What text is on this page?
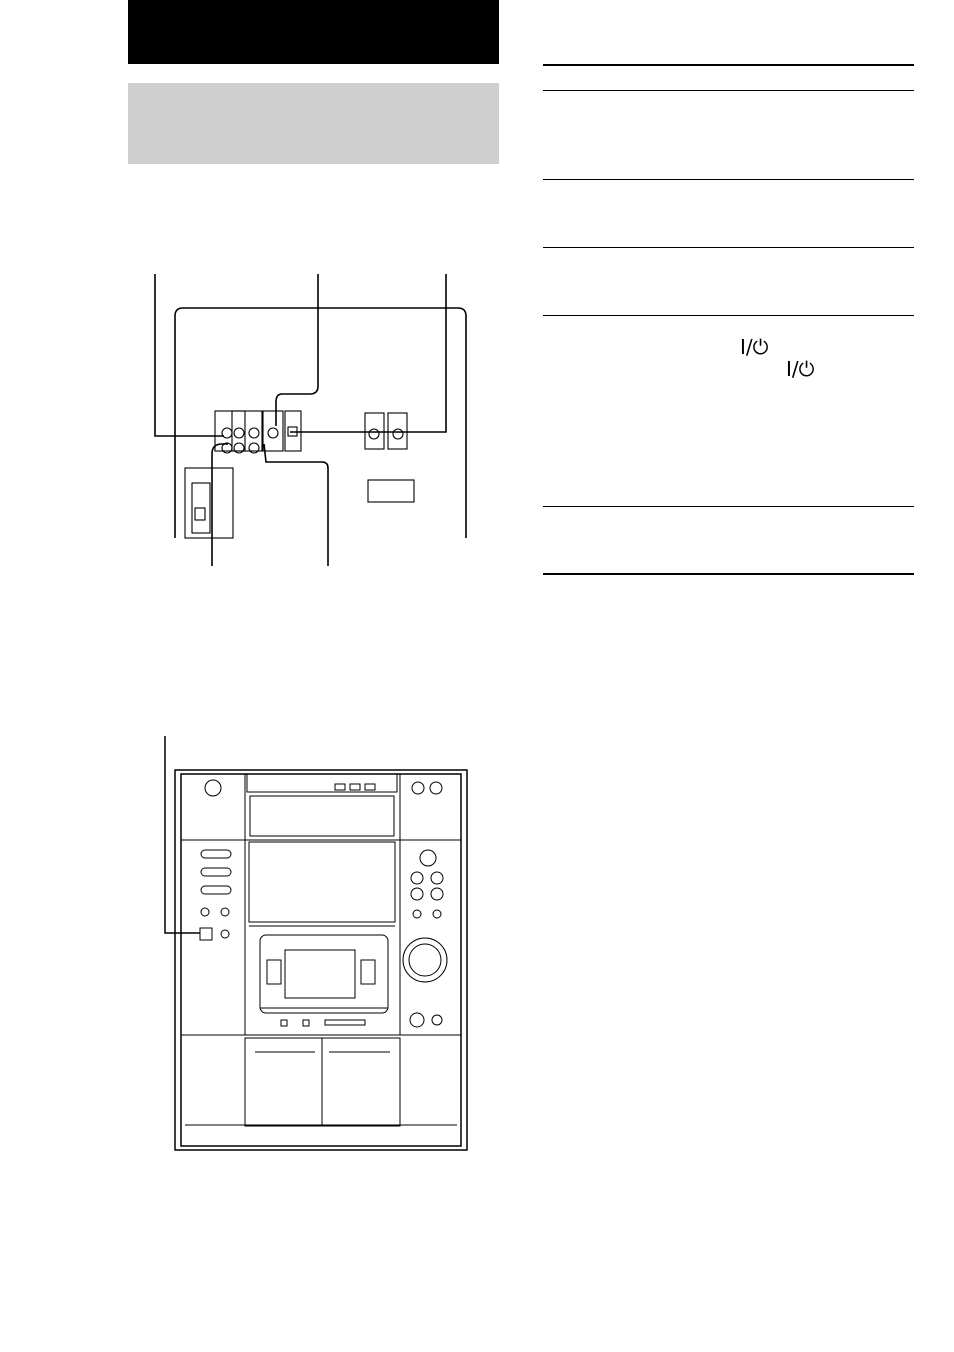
I/⏻
I/⏻
